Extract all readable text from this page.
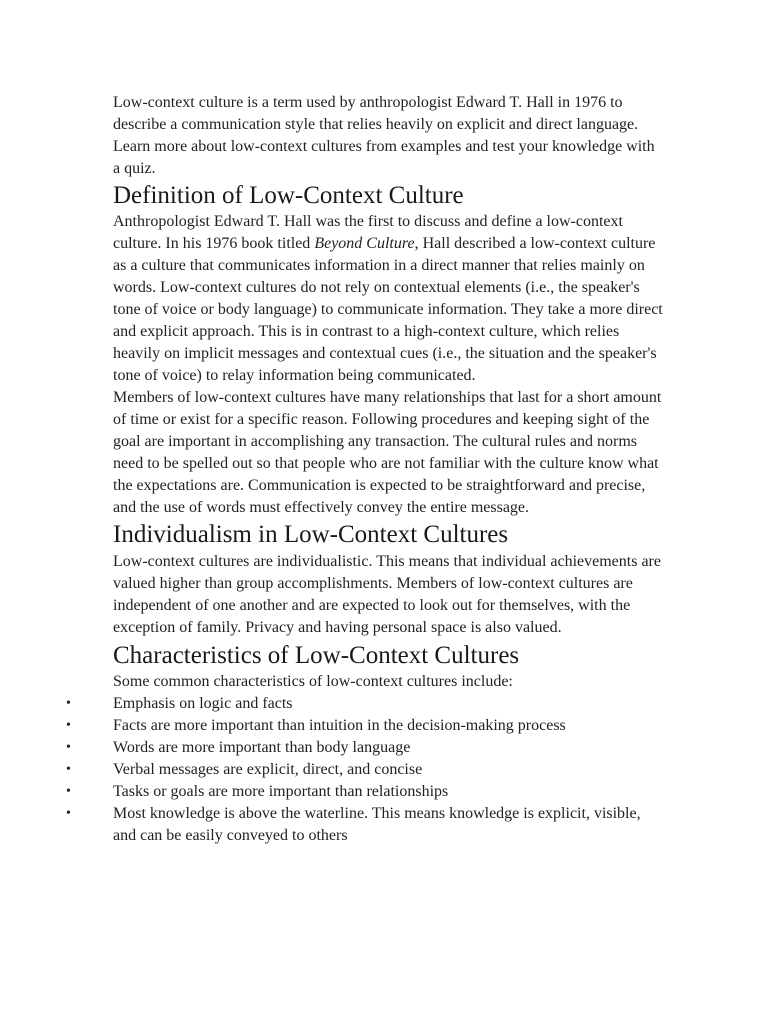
Low-context culture is a term used by anthropologist Edward T. Hall in 1976 to describe a communication style that relies heavily on explicit and direct language. Learn more about low-context cultures from examples and test your knowledge with a quiz.

Definition of Low-Context Culture

Anthropologist Edward T. Hall was the first to discuss and define a low-context culture. In his 1976 book titled Beyond Culture, Hall described a low-context culture as a culture that communicates information in a direct manner that relies mainly on words. Low-context cultures do not rely on contextual elements (i.e., the speaker's tone of voice or body language) to communicate information. They take a more direct and explicit approach. This is in contrast to a high-context culture, which relies heavily on implicit messages and contextual cues (i.e., the situation and the speaker's tone of voice) to relay information being communicated.

Members of low-context cultures have many relationships that last for a short amount of time or exist for a specific reason. Following procedures and keeping sight of the goal are important in accomplishing any transaction. The cultural rules and norms need to be spelled out so that people who are not familiar with the culture know what the expectations are. Communication is expected to be straightforward and precise, and the use of words must effectively convey the entire message.

Individualism in Low-Context Cultures

Low-context cultures are individualistic. This means that individual achievements are valued higher than group accomplishments. Members of low-context cultures are independent of one another and are expected to look out for themselves, with the exception of family. Privacy and having personal space is also valued.

Characteristics of Low-Context Cultures

Some common characteristics of low-context cultures include:

•	Emphasis on logic and facts
•	Facts are more important than intuition in the decision-making process
•	Words are more important than body language
•	Verbal messages are explicit, direct, and concise
•	Tasks or goals are more important than relationships
•	Most knowledge is above the waterline. This means knowledge is explicit, visible, and can be easily conveyed to others
